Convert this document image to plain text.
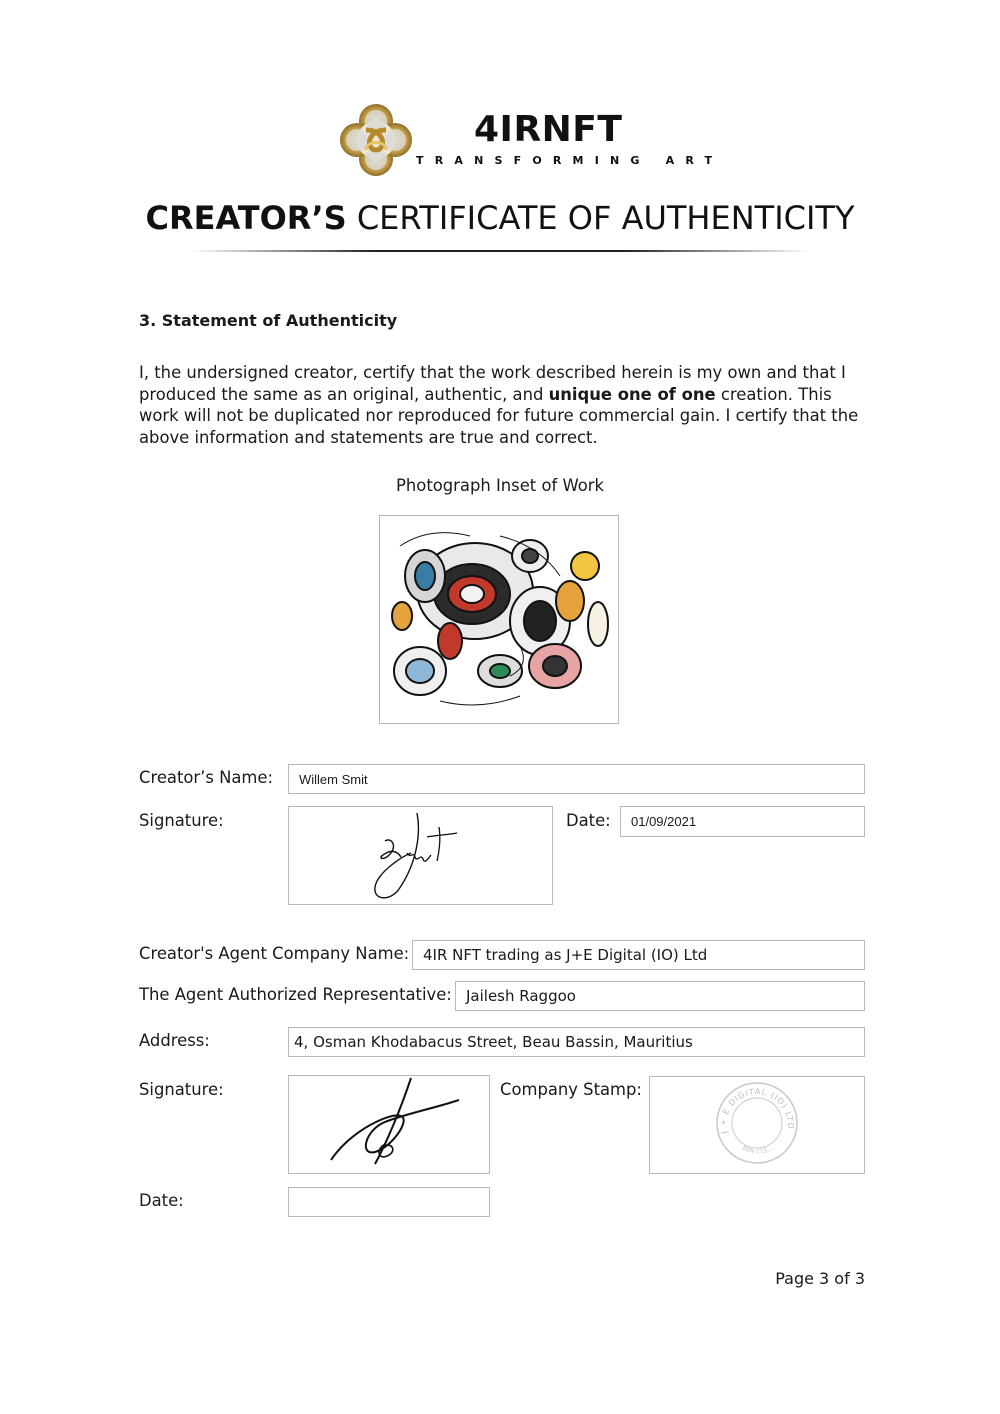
4IRNFT
TRANSFORMING ART
CREATOR’S CERTIFICATE OF AUTHENTICITY
3. Statement of Authenticity
I, the undersigned creator, certify that the work described herein is my own and that I produced the same as an original, authentic, and unique one of one creation. This work will not be duplicated nor reproduced for future commercial gain. I certify that the above information and statements are true and correct.
Photograph Inset of Work
Creator’s Name: Willem Smit
Signature:	Date: 01/09/2021
Creator's Agent Company Name: 4IR NFT trading as J+E Digital (IO) Ltd
The Agent Authorized Representative: Jailesh Raggoo
Address:	4, Osman Khodabacus Street, Beau Bassin, Mauritius
Signature:	Company Stamp:
J + E DIGITAL (IO) LTD
BRN C15...
Date:
Page 3 of 3
